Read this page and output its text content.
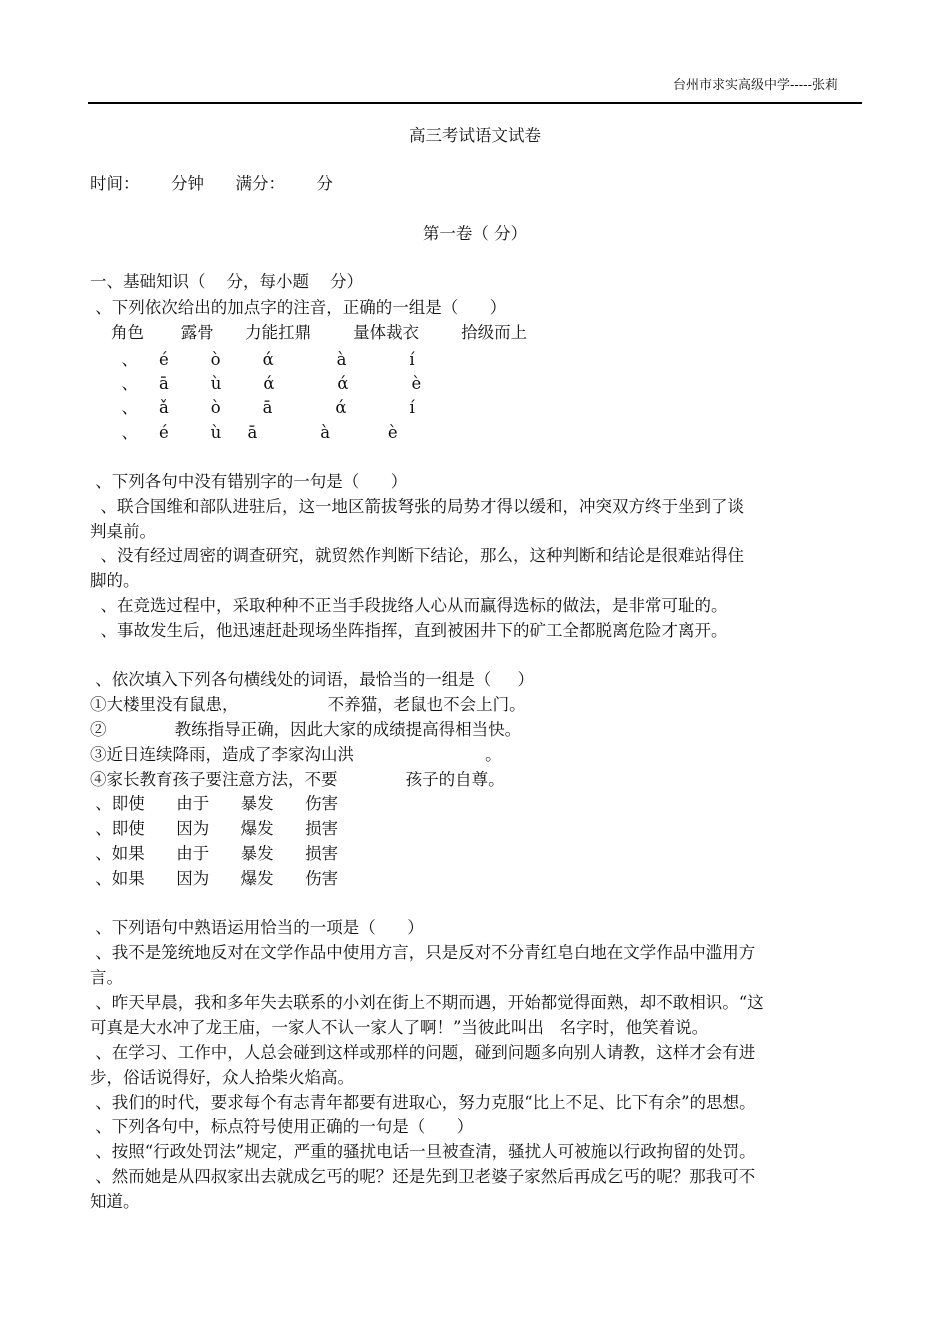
台州市求实高级中学-----张莉
高三考试语文试卷
时间：      分钟      满分：      分
第一卷（ 分）
一、基础知识（    分，每小题    分）
、下列依次给出的加点字的注音，正确的一组是（      ）
角色       露骨      力能扛鼎        量体裁衣        拾级而上
、    é        ò        ά            à            í
、    ā        ù        ά            ά            è
、    ǎ        ò        ā            ά            í
、    é        ù     ā            à           è
、下列各句中没有错别字的一句是（      ）
、联合国维和部队进驻后，这一地区箭拔弩张的局势才得以缓和，冲突双方终于坐到了谈
判桌前。
、没有经过周密的调查研究，就贸然作判断下结论，那么，这种判断和结论是很难站得住
脚的。
、在竞选过程中，采取种种不正当手段拢络人心从而赢得选标的做法，是非常可耻的。
、事故发生后，他迅速赶赴现场坐阵指挥，直到被困井下的矿工全都脱离危险才离开。
、依次填入下列各句横线处的词语，最恰当的一组是（     ）
①大楼里没有鼠患，                 不养猫，老鼠也不会上门。
②             教练指导正确，因此大家的成绩提高得相当快。
③近日连续降雨，造成了李家沟山洪                         。
④家长教育孩子要注意方法，不要             孩子的自尊。
、即使      由于      暴发      伤害
、即使      因为      爆发      损害
、如果      由于      暴发      损害
、如果      因为      爆发      伤害
、下列语句中熟语运用恰当的一项是（      ）
、我不是笼统地反对在文学作品中使用方言，只是反对不分青红皂白地在文学作品中滥用方
言。
、昨天早晨，我和多年失去联系的小刘在街上不期而遇，开始都觉得面熟，却不敢相识。“这
可真是大水冲了龙王庙，一家人不认一家人了啊！”当彼此叫出   名字时，他笑着说。
、在学习、工作中，人总会碰到这样或那样的问题，碰到问题多向别人请教，这样才会有进
步，俗话说得好，众人拾柴火焰高。
、我们的时代，要求每个有志青年都要有进取心，努力克服“比上不足、比下有余”的思想。
、下列各句中，标点符号使用正确的一句是（      ）
、按照“行政处罚法”规定，严重的骚扰电话一旦被查清，骚扰人可被施以行政拘留的处罚。
、然而她是从四叔家出去就成乞丐的呢？还是先到卫老婆子家然后再成乞丐的呢？那我可不
知道。
